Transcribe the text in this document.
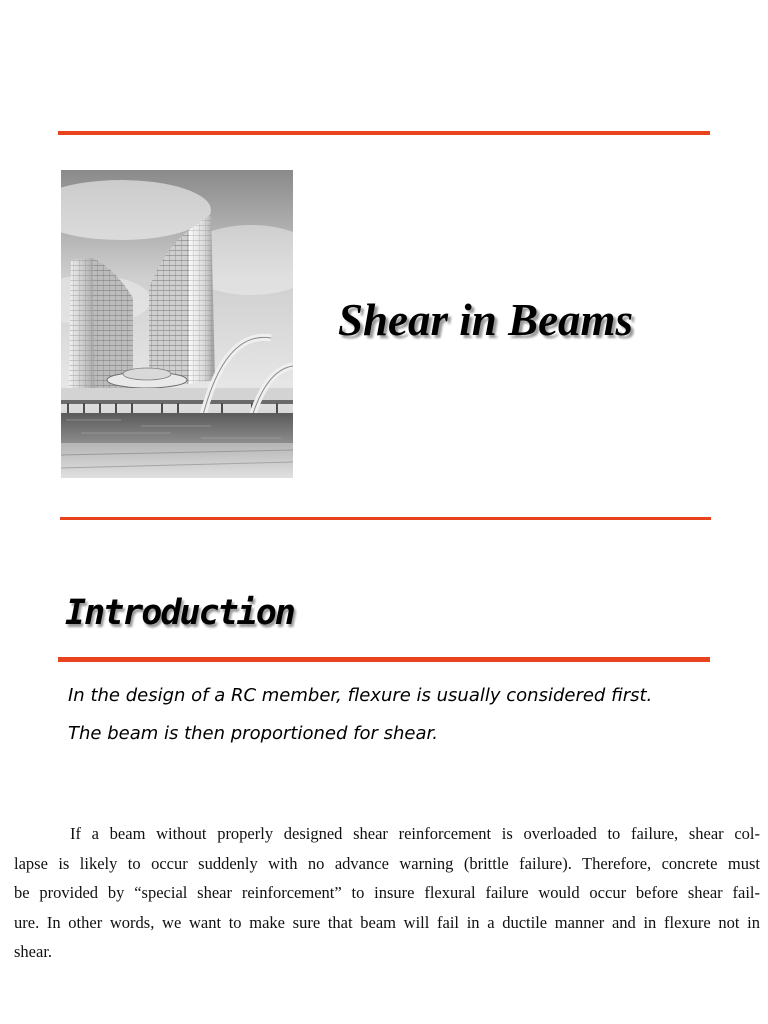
Shear in Beams
Introduction
In the design of a RC member, flexure is usually considered first.
The beam is then proportioned for shear.
If a beam without properly designed shear reinforcement is overloaded to failure, shear col-
lapse is likely to occur suddenly with no advance warning (brittle failure). Therefore, concrete must
be provided by “special shear reinforcement” to insure flexural failure would occur before shear fail-
ure. In other words, we want to make sure that beam will fail in a ductile manner and in flexure not in
shear.
